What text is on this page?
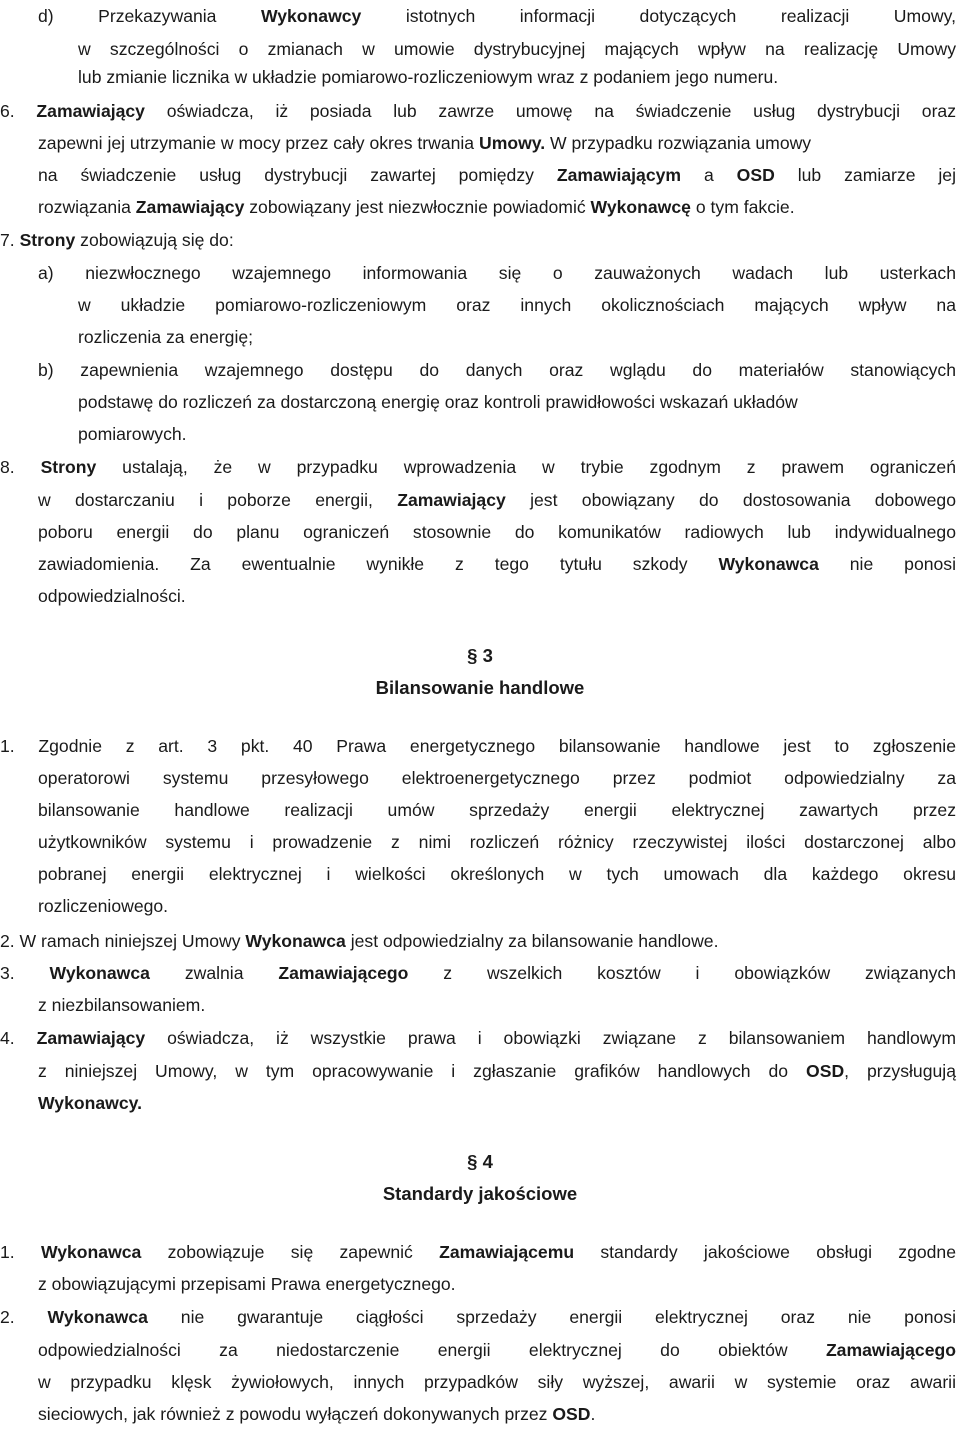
d) Przekazywania Wykonawcy istotnych informacji dotyczących realizacji Umowy,
w szczególności o zmianach w umowie dystrybucyjnej mających wpływ na realizację Umowy
lub zmianie licznika w układzie pomiarowo-rozliczeniowym wraz z podaniem jego numeru.
6. Zamawiający oświadcza, iż posiada lub zawrze umowę na świadczenie usług dystrybucji oraz
zapewni jej utrzymanie w mocy przez cały okres trwania Umowy. W przypadku rozwiązania umowy
na świadczenie usług dystrybucji zawartej pomiędzy Zamawiającym a OSD lub zamiarze jej
rozwiązania Zamawiający zobowiązany jest niezwłocznie powiadomić Wykonawcę o tym fakcie.
7. Strony zobowiązują się do:
a) niezwłocznego wzajemnego informowania się o zauważonych wadach lub usterkach
w układzie pomiarowo-rozliczeniowym oraz innych okolicznościach mających wpływ na
rozliczenia za energię;
b) zapewnienia wzajemnego dostępu do danych oraz wglądu do materiałów stanowiących
podstawę do rozliczeń za dostarczoną energię oraz kontroli prawidłowości wskazań układów
pomiarowych.
8. Strony ustalają, że w przypadku wprowadzenia w trybie zgodnym z prawem ograniczeń
w dostarczaniu i poborze energii, Zamawiający jest obowiązany do dostosowania dobowego
poboru energii do planu ograniczeń stosownie do komunikatów radiowych lub indywidualnego
zawiadomienia. Za ewentualnie wynikłe z tego tytułu szkody Wykonawca nie ponosi
odpowiedzialności.
§ 3
Bilansowanie handlowe
1. Zgodnie z art. 3 pkt. 40 Prawa energetycznego bilansowanie handlowe jest to zgłoszenie
operatorowi systemu przesyłowego elektroenergetycznego przez podmiot odpowiedzialny za
bilansowanie handlowe realizacji umów sprzedaży energii elektrycznej zawartych przez
użytkowników systemu i prowadzenie z nimi rozliczeń różnicy rzeczywistej ilości dostarczonej albo
pobranej energii elektrycznej i wielkości określonych w tych umowach dla każdego okresu
rozliczeniowego.
2. W ramach niniejszej Umowy Wykonawca jest odpowiedzialny za bilansowanie handlowe.
3. Wykonawca zwalnia Zamawiającego z wszelkich kosztów i obowiązków związanych
z niezbilansowaniem.
4. Zamawiający oświadcza, iż wszystkie prawa i obowiązki związane z bilansowaniem handlowym
z niniejszej Umowy, w tym opracowywanie i zgłaszanie grafików handlowych do OSD, przysługują
Wykonawcy.
§ 4
Standardy jakościowe
1. Wykonawca zobowiązuje się zapewnić Zamawiającemu standardy jakościowe obsługi zgodne
z obowiązującymi przepisami Prawa energetycznego.
2. Wykonawca nie gwarantuje ciągłości sprzedaży energii elektrycznej oraz nie ponosi
odpowiedzialności za niedostarczenie energii elektrycznej do obiektów Zamawiającego
w przypadku klęsk żywiołowych, innych przypadków siły wyższej, awarii w systemie oraz awarii
sieciowych, jak również z powodu wyłączeń dokonywanych przez OSD.
